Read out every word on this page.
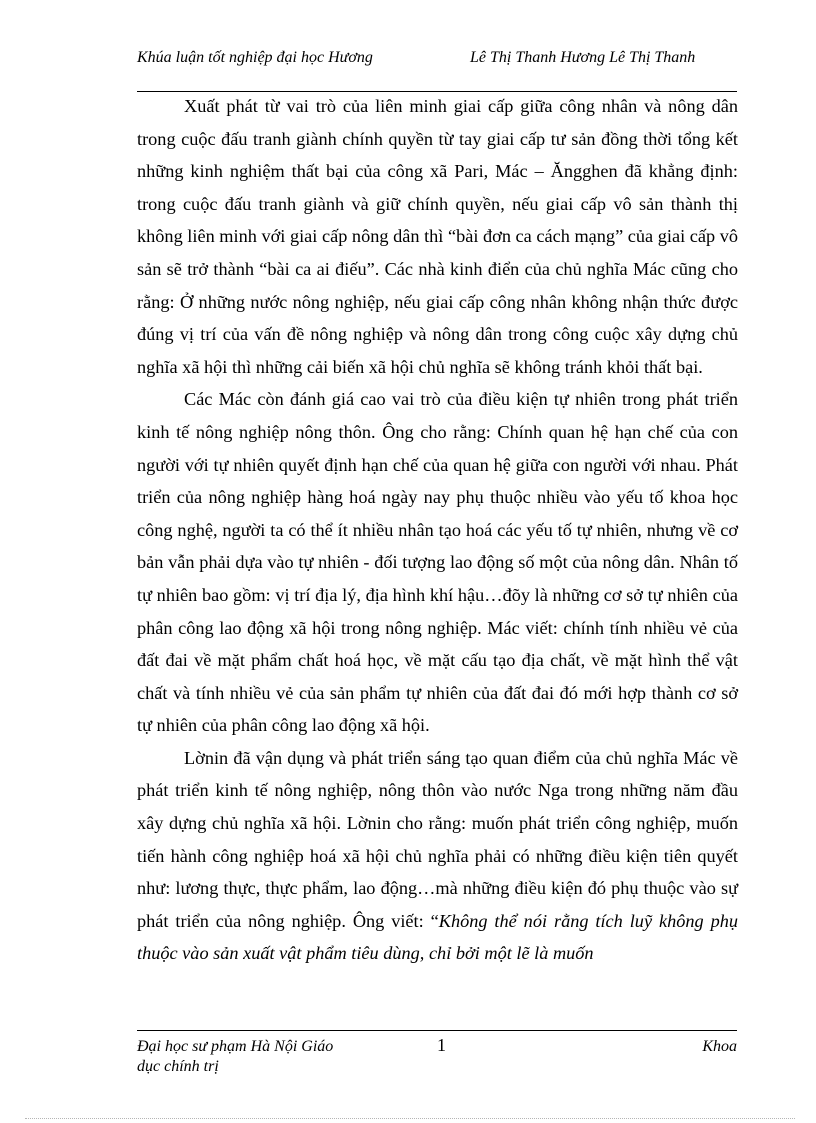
Khúa luận tốt nghiệp đại học Hương	Lê Thị Thanh Hương Lê Thị Thanh

Xuất phát từ vai trò của liên minh giai cấp giữa công nhân và nông dân trong cuộc đấu tranh giành chính quyền từ tay giai cấp tư sản đồng thời tổng kết những kinh nghiệm thất bại của công xã Pari, Mác – Ăngghen đã khẳng định: trong cuộc đấu tranh giành và giữ chính quyền, nếu giai cấp vô sản thành thị không liên minh với giai cấp nông dân thì “bài đơn ca cách mạng” của giai cấp vô sản sẽ trở thành “bài ca ai điếu”. Các nhà kinh điển của chủ nghĩa Mác cũng cho rằng: Ở những nước nông nghiệp, nếu giai cấp công nhân không nhận thức được đúng vị trí của vấn đề nông nghiệp và nông dân trong công cuộc xây dựng chủ nghĩa xã hội thì những cải biến xã hội chủ nghĩa sẽ không tránh khỏi thất bại.

Các Mác còn đánh giá cao vai trò của điều kiện tự nhiên trong phát triển kinh tế nông nghiệp nông thôn. Ông cho rằng: Chính quan hệ hạn chế của con người với tự nhiên quyết định hạn chế của quan hệ giữa con người với nhau. Phát triển của nông nghiệp hàng hoá ngày nay phụ thuộc nhiều vào yếu tố khoa học công nghệ, người ta có thể ít nhiều nhân tạo hoá các yếu tố tự nhiên, nhưng về cơ bản vẫn phải dựa vào tự nhiên - đối tượng lao động số một của nông dân. Nhân tố tự nhiên bao gồm: vị trí địa lý, địa hình khí hậu…đõy là những cơ sở tự nhiên của phân công lao động xã hội trong nông nghiệp. Mác viết: chính tính nhiều vẻ của đất đai về mặt phẩm chất hoá học, về mặt cấu tạo địa chất, về mặt hình thể vật chất và tính nhiều vẻ của sản phẩm tự nhiên của đất đai đó mới hợp thành cơ sở tự nhiên của phân công lao động xã hội.

Lờnin đã vận dụng và phát triển sáng tạo quan điểm của chủ nghĩa Mác về phát triển kinh tế nông nghiệp, nông thôn vào nước Nga trong những năm đầu xây dựng chủ nghĩa xã hội. Lờnin cho rằng: muốn phát triển công nghiệp, muốn tiến hành công nghiệp hoá xã hội chủ nghĩa phải có những điều kiện tiên quyết như: lương thực, thực phẩm, lao động…mà những điều kiện đó phụ thuộc vào sự phát triển của nông nghiệp. Ông viết: “Không thể nói rằng tích luỹ không phụ thuộc vào sản xuất vật phẩm tiêu dùng, chỉ bởi một lẽ là muốn

Đại học sư phạm Hà Nội Giáo dục chính trị
1	Khoa
